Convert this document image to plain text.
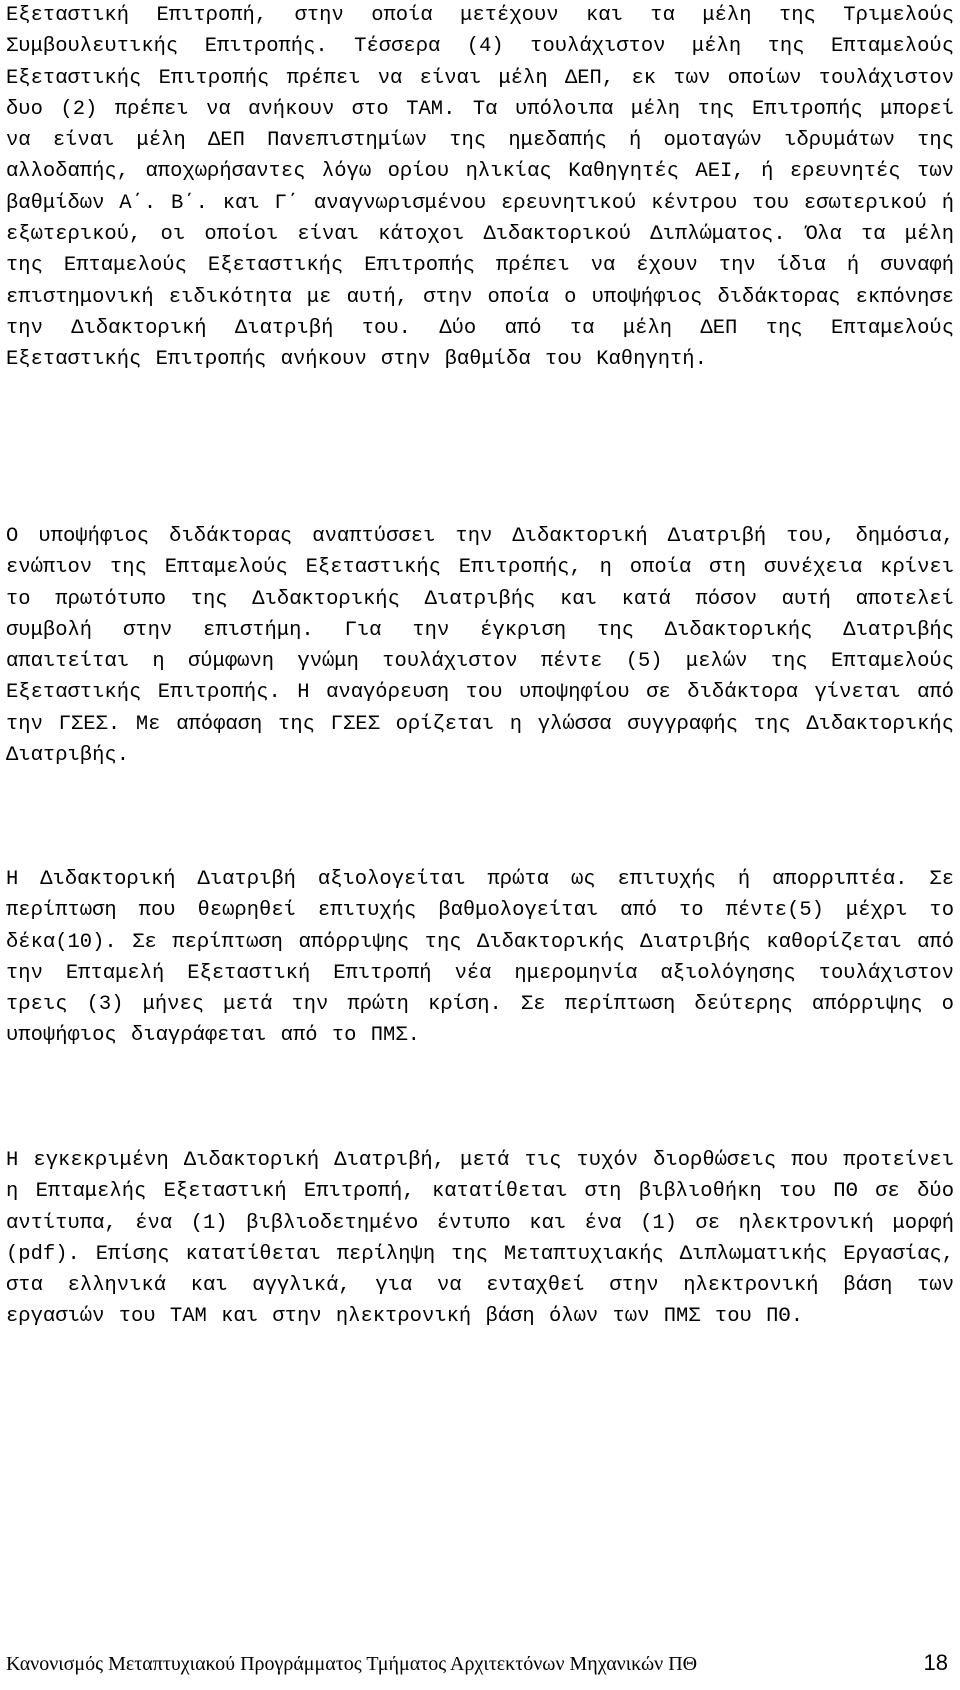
Εξεταστική Επιτροπή, στην οποία μετέχουν και τα μέλη της Τριμελούς Συμβουλευτικής Επιτροπής. Τέσσερα (4) τουλάχιστον μέλη της Επταμελούς Εξεταστικής Επιτροπής πρέπει να είναι μέλη ΔΕΠ, εκ των οποίων τουλάχιστον δυο (2) πρέπει να ανήκουν στο ΤΑΜ. Τα υπόλοιπα μέλη της Επιτροπής μπορεί να είναι μέλη ΔΕΠ Πανεπιστημίων της ημεδαπής ή ομοταγών ιδρυμάτων της αλλοδαπής, αποχωρήσαντες λόγω ορίου ηλικίας Καθηγητές ΑΕΙ, ή ερευνητές των βαθμίδων Α΄. Β΄. και Γ΄ αναγνωρισμένου ερευνητικού κέντρου του εσωτερικού ή εξωτερικού, οι οποίοι είναι κάτοχοι Διδακτορικού Διπλώματος. Όλα τα μέλη της Επταμελούς Εξεταστικής Επιτροπής πρέπει να έχουν την ίδια ή συναφή επιστημονική ειδικότητα με αυτή, στην οποία ο υποψήφιος διδάκτορας εκπόνησε την Διδακτορική Διατριβή του. Δύο από τα μέλη ΔΕΠ της Επταμελούς Εξεταστικής Επιτροπής ανήκουν στην βαθμίδα του Καθηγητή.

Ο υποψήφιος διδάκτορας αναπτύσσει την Διδακτορική Διατριβή του, δημόσια, ενώπιον της Επταμελούς Εξεταστικής Επιτροπής, η οποία στη συνέχεια κρίνει το πρωτότυπο της Διδακτορικής Διατριβής και κατά πόσον αυτή αποτελεί συμβολή στην επιστήμη. Για την έγκριση της Διδακτορικής Διατριβής απαιτείται η σύμφωνη γνώμη τουλάχιστον πέντε (5) μελών της Επταμελούς Εξεταστικής Επιτροπής. Η αναγόρευση του υποψηφίου σε διδάκτορα γίνεται από την ΓΣΕΣ. Με απόφαση της ΓΣΕΣ ορίζεται η γλώσσα συγγραφής της Διδακτορικής Διατριβής.

Η Διδακτορική Διατριβή αξιολογείται πρώτα ως επιτυχής ή απορριπτέα. Σε περίπτωση που θεωρηθεί επιτυχής βαθμολογείται από το πέντε(5) μέχρι το δέκα(10). Σε περίπτωση απόρριψης της Διδακτορικής Διατριβής καθορίζεται από την Επταμελή Εξεταστική Επιτροπή νέα ημερομηνία αξιολόγησης τουλάχιστον τρεις (3) μήνες μετά την πρώτη κρίση. Σε περίπτωση δεύτερης απόρριψης ο υποψήφιος διαγράφεται από το ΠΜΣ.

Η εγκεκριμένη Διδακτορική Διατριβή, μετά τις τυχόν διορθώσεις που προτείνει η Επταμελής Εξεταστική Επιτροπή, κατατίθεται στη βιβλιοθήκη του ΠΘ σε δύο αντίτυπα, ένα (1) βιβλιοδετημένο έντυπο και ένα (1) σε ηλεκτρονική μορφή (pdf). Επίσης κατατίθεται περίληψη της Μεταπτυχιακής Διπλωματικής Εργασίας, στα ελληνικά και αγγλικά, για να ενταχθεί στην ηλεκτρονική βάση των εργασιών του ΤΑΜ και στην ηλεκτρονική βάση όλων των ΠΜΣ του ΠΘ.

Κανονισμός Μεταπτυχιακού Προγράμματος Τμήματος Αρχιτεκτόνων Μηχανικών ΠΘ	18
